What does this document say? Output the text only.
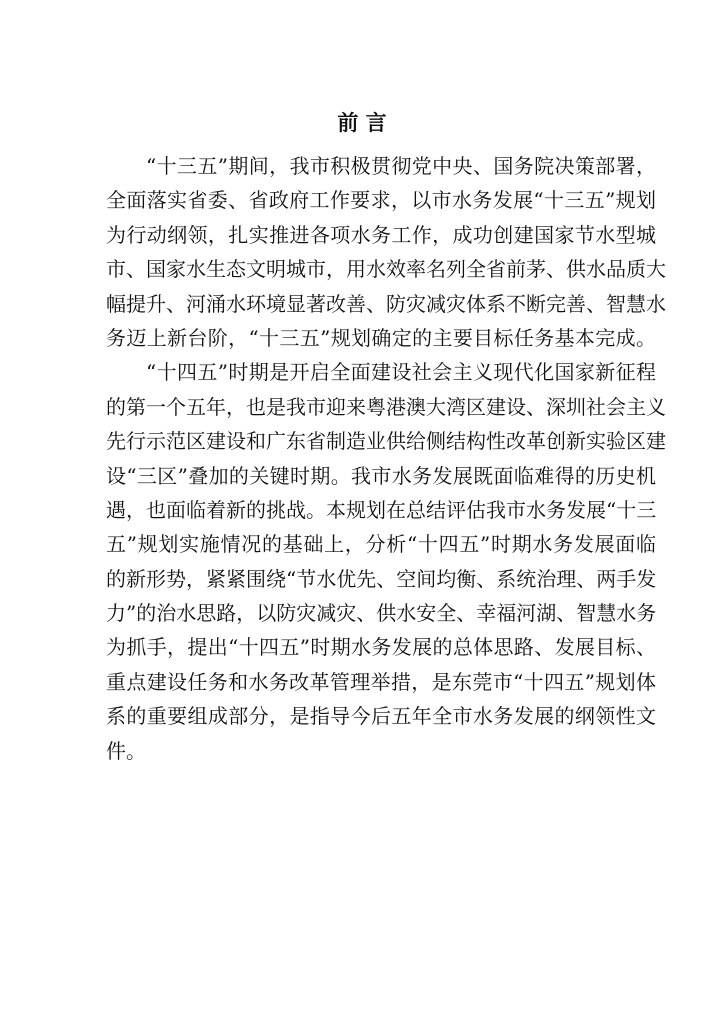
前 言
“十三五”期间，我市积极贯彻党中央、国务院决策部署，
全面落实省委、省政府工作要求，以市水务发展“十三五”规划
为行动纲领，扎实推进各项水务工作，成功创建国家节水型城
市、国家水生态文明城市，用水效率名列全省前茅、供水品质大
幅提升、河涌水环境显著改善、防灾减灾体系不断完善、智慧水
务迈上新台阶，“十三五”规划确定的主要目标任务基本完成。
“十四五”时期是开启全面建设社会主义现代化国家新征程
的第一个五年，也是我市迎来粤港澳大湾区建设、深圳社会主义
先行示范区建设和广东省制造业供给侧结构性改革创新实验区建
设“三区”叠加的关键时期。我市水务发展既面临难得的历史机
遇，也面临着新的挑战。本规划在总结评估我市水务发展“十三
五”规划实施情况的基础上，分析“十四五”时期水务发展面临
的新形势，紧紧围绕“节水优先、空间均衡、系统治理、两手发
力”的治水思路，以防灾减灾、供水安全、幸福河湖、智慧水务
为抓手，提出“十四五”时期水务发展的总体思路、发展目标、
重点建设任务和水务改革管理举措，是东莞市“十四五”规划体
系的重要组成部分，是指导今后五年全市水务发展的纲领性文
件。
